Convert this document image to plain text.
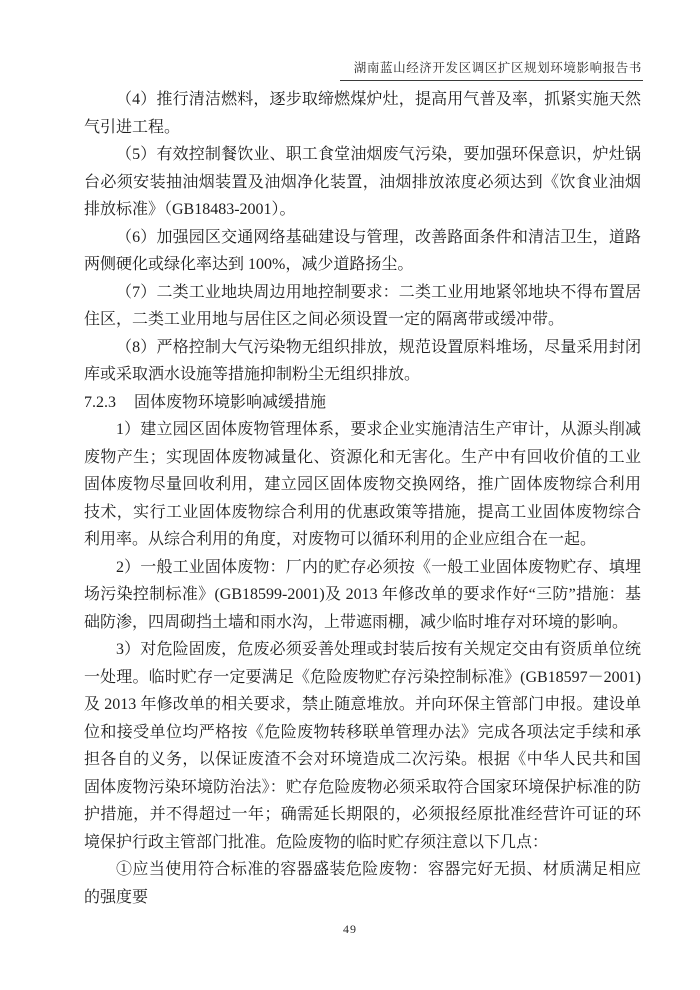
湖南蓝山经济开发区调区扩区规划环境影响报告书

（4）推行清洁燃料，逐步取缔燃煤炉灶，提高用气普及率，抓紧实施天然气引进工程。

（5）有效控制餐饮业、职工食堂油烟废气污染，要加强环保意识，炉灶锅台必须安装抽油烟装置及油烟净化装置，油烟排放浓度必须达到《饮食业油烟排放标准》（GB18483-2001）。

（6）加强园区交通网络基础建设与管理，改善路面条件和清洁卫生，道路两侧硬化或绿化率达到 100%，减少道路扬尘。

（7）二类工业地块周边用地控制要求：二类工业用地紧邻地块不得布置居住区，二类工业用地与居住区之间必须设置一定的隔离带或缓冲带。

（8）严格控制大气污染物无组织排放，规范设置原料堆场，尽量采用封闭库或采取洒水设施等措施抑制粉尘无组织排放。

7.2.3 固体废物环境影响减缓措施

1）建立园区固体废物管理体系，要求企业实施清洁生产审计，从源头削减废物产生；实现固体废物减量化、资源化和无害化。生产中有回收价值的工业固体废物尽量回收利用，建立园区固体废物交换网络，推广固体废物综合利用技术，实行工业固体废物综合利用的优惠政策等措施，提高工业固体废物综合利用率。从综合利用的角度，对废物可以循环利用的企业应组合在一起。

2）一般工业固体废物：厂内的贮存必须按《一般工业固体废物贮存、填埋场污染控制标准》(GB18599-2001)及 2013 年修改单的要求作好“三防”措施：基础防渗，四周砌挡土墙和雨水沟，上带遮雨棚，减少临时堆存对环境的影响。

3）对危险固废，危废必须妥善处理或封装后按有关规定交由有资质单位统一处理。临时贮存一定要满足《危险废物贮存污染控制标准》(GB18597－2001)及 2013 年修改单的相关要求，禁止随意堆放。并向环保主管部门申报。建设单位和接受单位均严格按《危险废物转移联单管理办法》完成各项法定手续和承担各自的义务，以保证废渣不会对环境造成二次污染。根据《中华人民共和国固体废物污染环境防治法》：贮存危险废物必须采取符合国家环境保护标准的防护措施，并不得超过一年；确需延长期限的，必须报经原批准经营许可证的环境保护行政主管部门批准。危险废物的临时贮存须注意以下几点：

①应当使用符合标准的容器盛装危险废物：容器完好无损、材质满足相应的强度要

49
